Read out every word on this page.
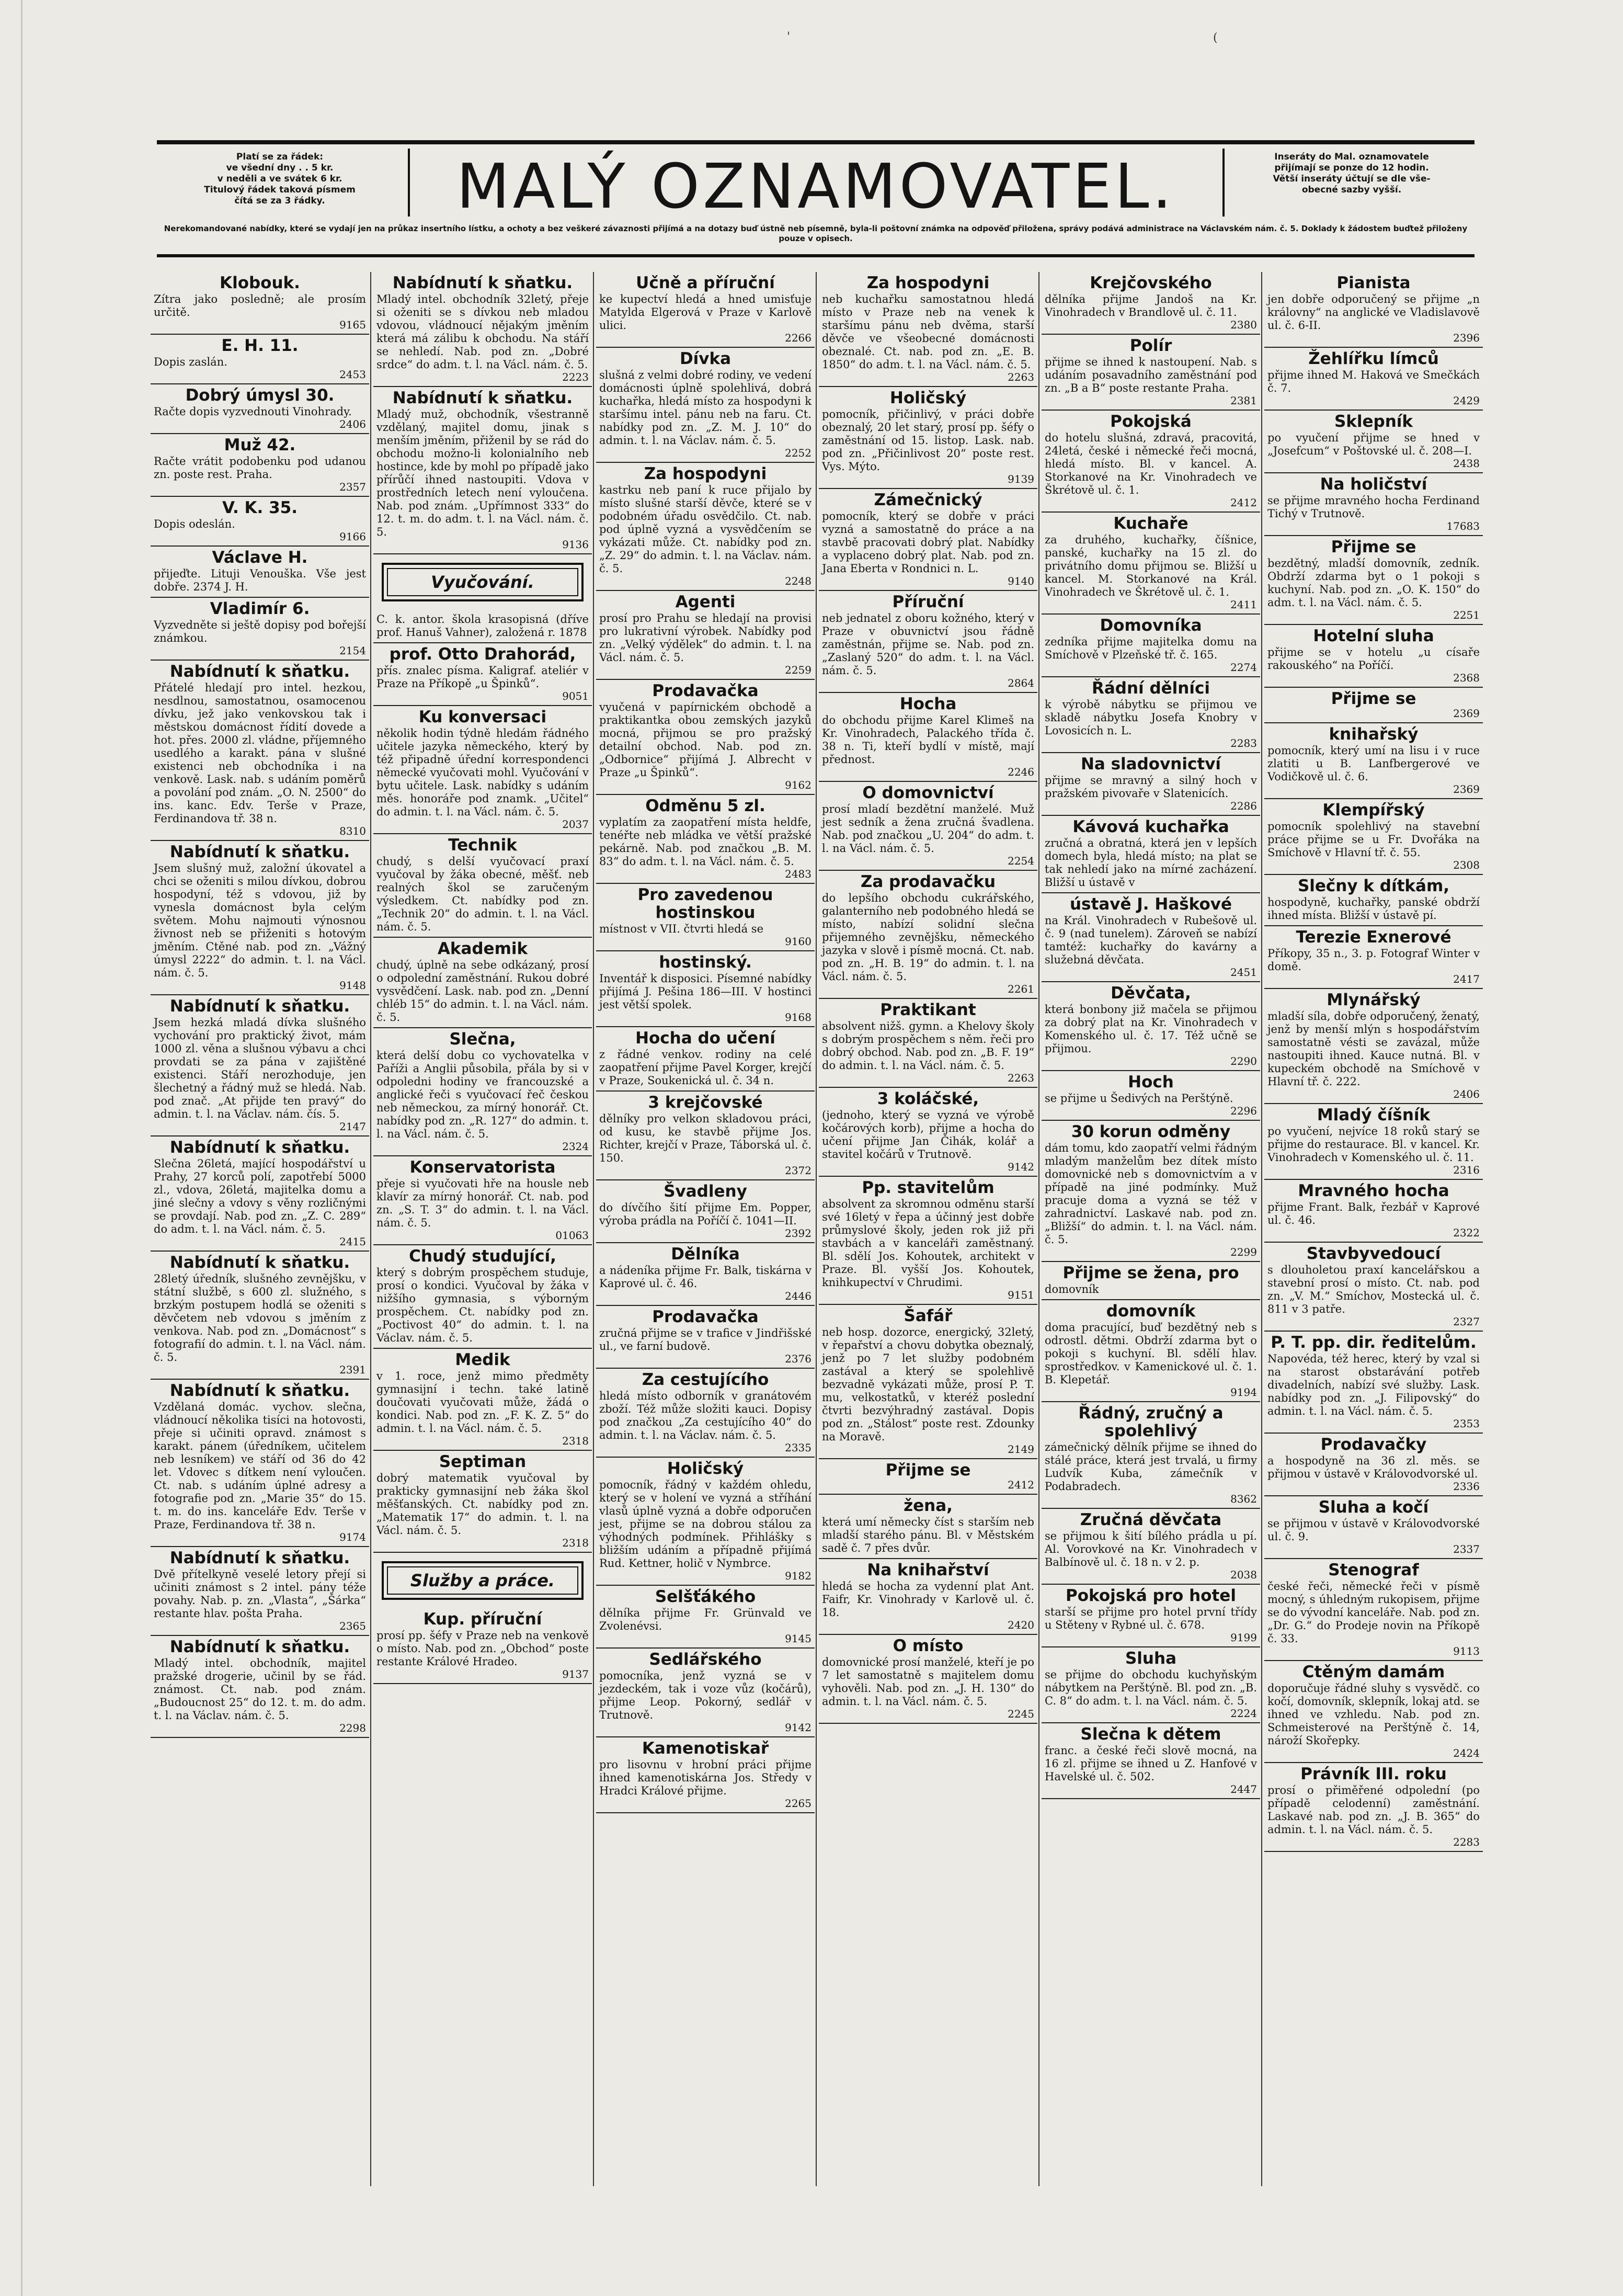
'	(
Platí se za řádek:
ve všední dny . . 5 kr.
v neděli a ve svátek 6 kr.
Titulový řádek taková písmem
čítá se za 3 řádky.	MALÝ OZNAMOVATEL.	Inseráty do Mal. oznamovatele
přijímají se ponze do 12 hodin.
Větší inseráty účtují se dle vše-
obecné sazby vyšší.
Nerekomandované nabídky, které se vydají jen na průkaz insertního lístku, a ochoty a bez veškeré závaznosti přijímá a na dotazy buď ústně neb písemně, byla-li poštovní známka na odpověď přiložena, správy podává administrace na Václavském nám. č. 5. Doklady k žádostem buďtež přiloženy pouze v opisech.
Klobouk.

Zítra jako posledně; ale prosím určitě.

9165
E. H. 11.

Dopis zaslán.

2453
Dobrý úmysl 30.

Račte dopis vyzvednouti Vinohrady.

2406
Muž 42.

Račte vrátit podobenku pod udanou zn. poste rest. Praha.

2357
V. K. 35.

Dopis odeslán.

9166
Václave H.

přijeďte. Lituji Venouška. Vše jest dobře. 2374 J. H.

Vladimír 6.

Vyzvedněte si ještě dopisy pod bořejší známkou.

2154
Nabídnutí k sňatku.

Přátelé hledají pro intel. hezkou, nesdlnou, samostatnou, osamocenou dívku, jež jako venkovskou tak i městskou domácnost řídití dovede a hot. přes. 2000 zl. vládne, příjemného usedlého a karakt. pána v slušné existenci neb obchodníka i na venkově. Lask. nab. s udáním poměrů a povolání pod znám. „O. N. 2500“ do ins. kanc. Edv. Terše v Praze, Ferdinandova tř. 38 n.

8310
Nabídnutí k sňatku.

Jsem slušný muž, založní úkovatel a chci se oženiti s milou dívkou, dobrou hospodyní, též s vdovou, již by vynesla domácnost byla celým světem. Mohu najmouti výnosnou živnost neb se přiženiti s hotovým jměním. Ctěné nab. pod zn. „Vážný úmysl 2222“ do admin. t. l. na Václ. nám. č. 5.

9148
Nabídnutí k sňatku.

Jsem hezká mladá dívka slušného vychování pro praktický život, mám 1000 zl. věna a slušnou výbavu a chci provdati se za pána v zajištěné existenci. Stáří nerozhoduje, jen šlechetný a řádný muž se hledá. Nab. pod znač. „At přijde ten pravý“ do admin. t. l. na Václav. nám. čís. 5.

2147
Nabídnutí k sňatku.

Slečna 26letá, mající hospodářství u Prahy, 27 korců polí, zapotřebí 5000 zl., vdova, 26letá, majitelka domu a jiné slečny a vdovy s věny rozličnými se provdají. Nab. pod zn. „Z. C. 289“ do adm. t. l. na Václ. nám. č. 5.

2415
Nabídnutí k sňatku.

28letý úředník, slušného zevnějšku, v státní službě, s 600 zl. služného, s brzkým postupem hodlá se oženiti s děvčetem neb vdovou s jměním z venkova. Nab. pod zn. „Domácnost“ s fotografií do admin. t. l. na Václ. nám. č. 5.

2391
Nabídnutí k sňatku.

Vzdělaná domác. vychov. slečna, vládnoucí několika tisíci na hotovosti, přeje si učiniti opravd. známost s karakt. pánem (úředníkem, učitelem neb lesníkem) ve stáří od 36 do 42 let. Vdovec s dítkem není vyloučen. Ct. nab. s udáním úplné adresy a fotografie pod zn. „Marie 35“ do 15. t. m. do ins. kanceláře Edv. Terše v Praze, Ferdinandova tř. 38 n.

9174
Nabídnutí k sňatku.

Dvě přítelkyně veselé letory přejí si učiniti známost s 2 intel. pány téže povahy. Nab. p. zn. „Vlasta“, „Šárka“ restante hlav. pošta Praha.

2365
Nabídnutí k sňatku.

Mladý intel. obchodník, majitel pražské drogerie, učinil by se řád. známost. Ct. nab. pod znám. „Budoucnost 25“ do 12. t. m. do adm. t. l. na Václav. nám. č. 5.

2298
Nabídnutí k sňatku.

Mladý intel. obchodník 32letý, přeje si oženiti se s dívkou neb mladou vdovou, vládnoucí nějakým jměním která má zálibu k obchodu. Na stáří se nehledí. Nab. pod zn. „Dobré srdce“ do adm. t. l. na Václ. nám. č. 5.

2223
Nabídnutí k sňatku.

Mladý muž, obchodník, všestranně vzdělaný, majitel domu, jinak s menším jměním, přiženil by se rád do obchodu možno-li kolonialního neb hostince, kde by mohl po případě jako přírůčí ihned nastoupiti. Vdova v prostředních letech není vyloučena. Nab. pod znám. „Upřímnost 333“ do 12. t. m. do adm. t. l. na Václ. nám. č. 5.

9136
Vyučování.

C. k. antor. škola krasopisná (dříve prof. Hanuš Vahner), založená r. 1878

prof. Otto Drahorád,

přís. znalec písma. Kaligraf. ateliér v Praze na Příkopě „u Špinků“.

9051
Ku konversaci

několik hodin týdně hledám řádného učitele jazyka německého, který by též připadně úřední korrespondenci německé vyučovati mohl. Vyučování v bytu učitele. Lask. nabídky s udáním měs. honoráře pod znamk. „Učitel“ do admin. t. l. na Václ. nám. č. 5.

2037
Technik

chudý, s delší vyučovací praxí vyučoval by žáka obecné, měšť. neb realných škol se zaručeným výsledkem. Ct. nabídky pod zn. „Technik 20“ do admin. t. l. na Václ. nám. č. 5.

Akademik

chudý, úplně na sebe odkázaný, prosí o odpolední zaměstnání. Rukou dobré vysvědčení. Lask. nab. pod zn. „Denní chléb 15“ do admin. t. l. na Václ. nám. č. 5.

Slečna,

která delší dobu co vychovatelka v Paříži a Anglii působila, přála by si v odpoledni hodiny ve francouzské a anglické řeči s vyučovací řeč českou neb německou, za mírný honorář. Ct. nabídky pod zn. „R. 127“ do admin. t. l. na Václ. nám. č. 5.

2324
Konservatorista

přeje si vyučovati hře na housle neb klavír za mírný honorář. Ct. nab. pod zn. „S. T. 3“ do admin. t. l. na Václ. nám. č. 5.

01063
Chudý studující,

který s dobrým prospěchem studuje, prosí o kondici. Vyučoval by žáka v nižšího gymnasia, s výborným prospěchem. Ct. nabídky pod zn. „Poctivost 40“ do admin. t. l. na Václav. nám. č. 5.

Medik

v 1. roce, jenž mimo předměty gymnasijní i techn. také latině doučovati vyučovati může, žádá o kondici. Nab. pod zn. „F. K. Z. 5“ do admin. t. l. na Václ. nám. č. 5.

2318
Septiman

dobrý matematik vyučoval by prakticky gymnasijní neb žáka škol měšťanských. Ct. nabídky pod zn. „Matematik 17“ do admin. t. l. na Václ. nám. č. 5.

2318
Služby a práce.
Kup. příruční

prosí pp. šéfy v Praze neb na venkově o místo. Nab. pod zn. „Obchod“ poste restante Králové Hradeo.

9137
Učně a příruční

ke kupectví hledá a hned umisťuje Matylda Elgerová v Praze v Karlově ulici.

2266
Dívka

slušná z velmi dobré rodiny, ve vedení domácnosti úplně spolehlivá, dobrá kuchařka, hledá místo za hospodyni k staršímu intel. pánu neb na faru. Ct. nabídky pod zn. „Z. M. J. 10“ do admin. t. l. na Václav. nám. č. 5.

2252
Za hospodyni

kastrku neb paní k ruce přijalo by místo slušné starší děvče, které se v podobném úřadu osvědčilo. Ct. nab. pod úplně vyzná a vysvědčením se vykázati může. Ct. nabídky pod zn. „Z. 29“ do admin. t. l. na Václav. nám. č. 5.

2248
Agenti

prosí pro Prahu se hledají na provisi pro lukrativní výrobek. Nabídky pod zn. „Velký výdělek“ do admin. t. l. na Václ. nám. č. 5.

2259
Prodavačka

vyučená v papírnickém obchodě a praktikantka obou zemských jazyků mocná, přijmou se pro pražský detailní obchod. Nab. pod zn. „Odbornice“ přijímá J. Albrecht v Praze „u Špinků“.

9162
Odměnu 5 zl.

vyplatím za zaopatření místa heldfe, tenéřte neb mládka ve větší pražské pekárně. Nab. pod značkou „B. M. 83“ do adm. t. l. na Václ. nám. č. 5.

2483
Pro zavedenou hostinskou

místnost v VII. čtvrti hledá se

9160
hostinský.

Inventář k disposici. Písemné nabídky přijímá J. Pešina 186—III. V hostinci jest větší spolek.

9168
Hocha do učení

z řádné venkov. rodiny na celé zaopatření přijme Pavel Korger, krejčí v Praze, Soukenická ul. č. 34 n.

3 krejčovské

dělníky pro velkon skladovou práci, od kusu, ke stavbě přijme Jos. Richter, krejčí v Praze, Táborská ul. č. 150.

2372
Švadleny

do dívčího šití přijme Em. Popper, výroba prádla na Poříčí č. 1041—II.

2392
Dělníka

a nádeníka přijme Fr. Balk, tiskárna v Kaprové ul. č. 46.

2446
Prodavačka

zručná přijme se v trafice v Jindřišské ul., ve farní budově.

2376
Za cestujícího

hledá místo odborník v granátovém zboží. Též může složiti kauci. Dopisy pod značkou „Za cestujícího 40“ do admin. t. l. na Václav. nám. č. 5.

2335
Holičský

pomocník, řádný v každém ohledu, který se v holení ve vyzná a stříhání vlasů úplně vyzná a dobře odporučen jest, přijme se na dobrou stálou za výhodných podmínek. Přihlášky s bližším udáním a případně přijímá Rud. Kettner, holič v Nymbrce.

9182
Selšťákého

dělníka přijme Fr. Grünvald ve Zvolenévsi.

9145
Sedlářského

pomocníka, jenž vyzná se v jezdeckém, tak i voze vůz (kočárů), přijme Leop. Pokorný, sedlář v Trutnově.

9142
Kamenotiskař

pro lisovnu v hrobní práci přijme ihned kamenotiskárna Jos. Středy v Hradci Králové přijme.

2265
Za hospodyni

neb kuchařku samostatnou hledá místo v Praze neb na venek k staršímu pánu neb dvěma, starší děvče ve všeobecné domácnosti obeznalé. Ct. nab. pod zn. „E. B. 1850“ do adm. t. l. na Václ. nám. č. 5.

2263
Holičský

pomocník, přičinlivý, v práci dobře obeznalý, 20 let starý, prosí pp. šéfy o zaměstnání od 15. listop. Lask. nab. pod zn. „Přičinlivost 20“ poste rest. Vys. Mýto.

9139
Zámečnický

pomocník, který se dobře v práci vyzná a samostatně do práce a na stavbě pracovati dobrý plat. Nabídky a vyplaceno dobrý plat. Nab. pod zn. Jana Eberta v Rondnici n. L.

9140
Příruční

neb jednatel z oboru kožného, který v Praze v obuvnictví jsou řádně zaměstnán, přijme se. Nab. pod zn. „Zaslaný 520“ do adm. t. l. na Václ. nám. č. 5.

2864
Hocha

do obchodu přijme Karel Klimeš na Kr. Vinohradech, Palackého třída č. 38 n. Ti, kteří bydlí v místě, mají přednost.

2246
O domovnictví

prosí mladí bezdětní manželé. Muž jest sedník a žena zručná švadlena. Nab. pod značkou „U. 204“ do adm. t. l. na Václ. nám. č. 5.

2254
Za prodavačku

do lepšího obchodu cukrářského, galanterního neb podobného hledá se místo, nabízí solidní slečna přijemného zevnějšku, německého jazyka v slově i písmě mocná. Ct. nab. pod zn. „H. B. 19“ do admin. t. l. na Václ. nám. č. 5.

2261
Praktikant

absolvent nižš. gymn. a Khelovy školy s dobrým prospěchem s něm. řeči pro dobrý obchod. Nab. pod zn. „B. F. 19“ do admin. t. l. na Václ. nám. č. 5.

2263
3 koláčské,

(jednoho, který se vyzná ve výrobě kočárových korb), přijme a hocha do učení přijme Jan Čihák, kolář a stavitel kočárů v Trutnově.

9142
Pp. stavitelům

absolvent za skromnou odměnu starší své 16letý v řepa a účinný jest dobře průmyslové školy, jeden rok již při stavbách a v kanceláři zaměstnaný. Bl. sdělí Jos. Kohoutek, architekt v Praze. Bl. vyšší Jos. Kohoutek, knihkupectví v Chrudimi.

9151
Šafář

neb hosp. dozorce, energický, 32letý, v řepařství a chovu dobytka obeznalý, jenž po 7 let služby podobném zastával a který se spolehlivě bezvadně vykázati může, prosí P. T. mu, velkostatků, v kteréž poslední čtvrti bezvýhradný zastával. Dopis pod zn. „Stálost“ poste rest. Zdounky na Moravě.

2149
Přijme se
2412
žena,

která umí německy číst s starším neb mladší starého pánu. Bl. v Městském sadě č. 7 přes dvůr.

Na knihařství

hledá se hocha za vydenní plat Ant. Faifr, Kr. Vinohrady v Karlově ul. č. 18.

2420
O místo

domovnické prosí manželé, kteří je po 7 let samostatně s majitelem domu vyhověli. Nab. pod zn. „J. H. 130“ do admin. t. l. na Václ. nám. č. 5.

2245
Krejčovského

dělníka přijme Jandoš na Kr. Vinohradech v Brandlově ul. č. 11.

2380
Polír

přijme se ihned k nastoupení. Nab. s udáním posavadního zaměstnání pod zn. „B a B“ poste restante Praha.

2381
Pokojská

do hotelu slušná, zdravá, pracovitá, 24letá, české i německé řeči mocná, hledá místo. Bl. v kancel. A. Storkanové na Kr. Vinohradech ve Škrétově ul. č. 1.

2412
Kuchaře

za druhého, kuchařky, číšnice, panské, kuchařky na 15 zl. do privátního domu přijmou se. Bližší u kancel. M. Storkanové na Král. Vinohradech ve Škrétově ul. č. 1.

2411
Domovníka

zedníka přijme majitelka domu na Smíchově v Plzeňské tř. č. 165.

2274
Řádní dělníci

k výrobě nábytku se přijmou ve skladě nábytku Josefa Knobry v Lovosicích n. L.

2283
Na sladovnictví

přijme se mravný a silný hoch v pražském pivovaře v Slatenicích.

2286
Kávová kuchařka

zručná a obratná, která jen v lepších domech byla, hledá místo; na plat se tak nehledí jako na mírné zacházení. Bližší u ústavě v

ústavě J. Haškové

na Král. Vinohradech v Rubešově ul. č. 9 (nad tunelem). Zároveň se nabízí tamtéž: kuchařky do kavárny a služebná děvčata.

2451
Děvčata,

která bonbony již mačela se přijmou za dobrý plat na Kr. Vinohradech v Komenského ul. č. 17. Též učně se přijmou.

2290
Hoch

se přijme u Šedivých na Perštýně.

2296
30 korun odměny

dám tomu, kdo zaopatří velmi řádným mladým manželům bez dítek místo domovnické neb s domovnictvím a v případě na jiné podmínky. Muž pracuje doma a vyzná se též v zahradnictví. Laskavé nab. pod zn. „Bližší“ do admin. t. l. na Václ. nám. č. 5.

2299
Přijme se žena, pro

domovník

domovník

doma pracující, buď bezdětný neb s odrostl. dětmi. Obdrží zdarma byt o pokoji s kuchyní. Bl. sdělí hlav. sprostředkov. v Kamenickové ul. č. 1. B. Klepetář.

9194
Řádný, zručný a spolehlivý

zámečnický dělník přijme se ihned do stálé práce, která jest trvalá, u firmy Ludvík Kuba, zámečník v Podabradech.

8362
Zručná děvčata

se přijmou k šití bílého prádla u pí. Al. Vorovkové na Kr. Vinohradech v Balbínově ul. č. 18 n. v 2. p.

2038
Pokojská pro hotel

starší se přijme pro hotel první třídy u Stěteny v Rybné ul. č. 678.

9199
Sluha

se přijme do obchodu kuchyňským nábytkem na Perštýně. Bl. pod zn. „B. C. 8“ do adm. t. l. na Václ. nám. č. 5.

2224
Slečna k dětem

franc. a české řeči slově mocná, na 16 zl. přijme se ihned u Z. Hanfové v Havelské ul. č. 502.

2447
Pianista

jen dobře odporučený se přijme „n královny“ na anglické ve Vladislavově ul. č. 6-II.

2396
Žehlířku límců

přijme ihned M. Haková ve Smečkách č. 7.

2429
Sklepník

po vyučení přijme se hned v „Josefcum“ v Poštovské ul. č. 208—I.

2438
Na holičství

se přijme mravného hocha Ferdinand Tichý v Trutnově.

17683
Přijme se

bezdětný, mladší domovník, zedník. Obdrží zdarma byt o 1 pokoji s kuchyní. Nab. pod zn. „O. K. 150“ do adm. t. l. na Václ. nám. č. 5.

2251
Hotelní sluha

přijme se v hotelu „u císaře rakouského“ na Poříčí.

2368
Přijme se
2369
knihařský

pomocník, který umí na lisu i v ruce zlatiti u B. Lanfbergerové ve Vodičkově ul. č. 6.

2369
Klempířský

pomocník spolehlivý na stavební práce přijme se u Fr. Dvořáka na Smíchově v Hlavní tř. č. 55.

2308
Slečny k dítkám,

hospodyně, kuchařky, panské obdrží ihned místa. Bližší v ústavě pí.

Terezie Exnerové

Příkopy, 35 n., 3. p. Fotograf Winter v domě.

2417
Mlynářský

mladší síla, dobře odporučený, ženatý, jenž by menší mlýn s hospodářstvím samostatně vésti se zavázal, může nastoupiti ihned. Kauce nutná. Bl. v kupeckém obchodě na Smíchově v Hlavní tř. č. 222.

2406
Mladý číšník

po vyučení, nejvíce 18 roků starý se přijme do restaurace. Bl. v kancel. Kr. Vinohradech v Komenského ul. č. 11.

2316
Mravného hocha

přijme Frant. Balk, řezbář v Kaprové ul. č. 46.

2322
Stavbyvedoucí

s dlouholetou praxí kancelářskou a stavební prosí o místo. Ct. nab. pod zn. „V. M.“ Smíchov, Mostecká ul. č. 811 v 3 patře.

2327
P. T. pp. dir. ředitelům.

Napovéda, též herec, který by vzal si na starost obstarávání potřeb divadelních, nabízí své služby. Lask. nabídky pod zn. „J. Filipovský“ do admin. t. l. na Václ. nám. č. 5.

2353
Prodavačky

a hospodyně na 36 zl. měs. se přijmou v ústavě v Královodvorské ul.

2336
Sluha a kočí

se přijmou v ústavě v Královodvorské ul. č. 9.

2337
Stenograf

české řeči, německé řeči v písmě mocný, s úhledným rukopisem, přijme se do vývodní kanceláře. Nab. pod zn. „Dr. G.“ do Prodeje novin na Příkopě č. 33.

9113
Ctěným damám

doporučuje řádné sluhy s vysvědč. co kočí, domovník, sklepník, lokaj atd. se ihned ve vzhledu. Nab. pod zn. Schmeisterové na Perštýně č. 14, nároží Skořepky.

2424
Právník III. roku

prosí o přiměřené odpolední (po případě celodenní) zaměstnání. Laskavé nab. pod zn. „J. B. 365“ do admin. t. l. na Václ. nám. č. 5.

2283
